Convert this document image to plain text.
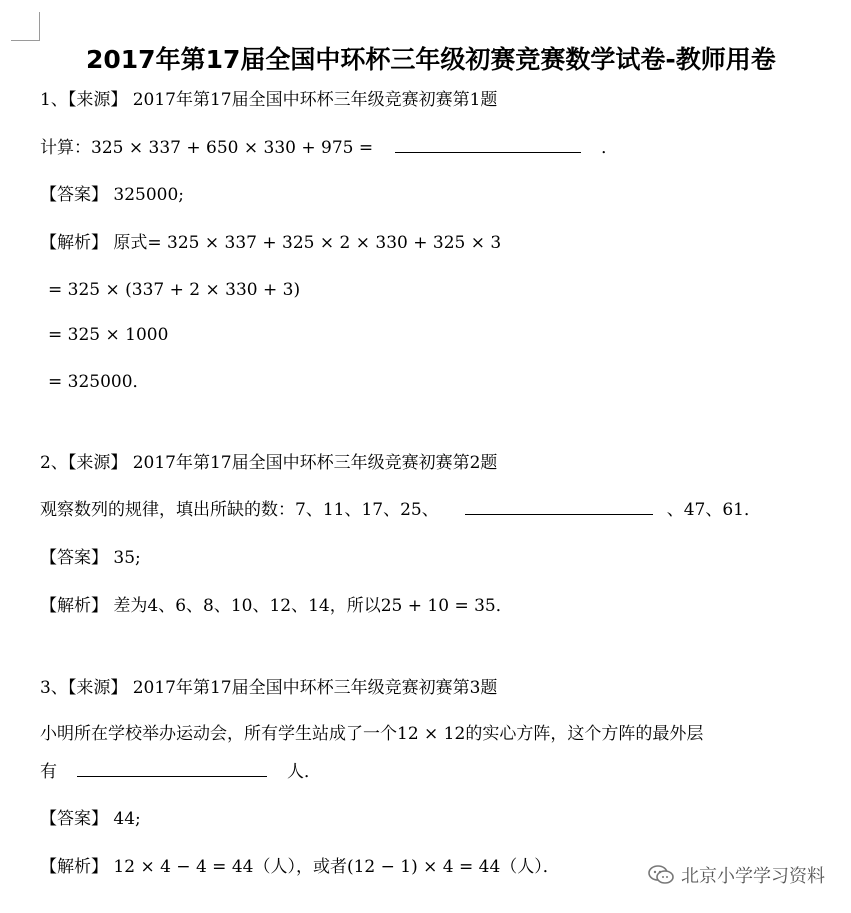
2017年第17届全国中环杯三年级初赛竞赛数学试卷-教师用卷
1、【来源】 2017年第17届全国中环杯三年级竞赛初赛第1题
计算：325 × 337 + 650 × 330 + 975 =	．
【答案】 325000;
【解析】 原式= 325 × 337 + 325 × 2 × 330 + 325 × 3
= 325 × (337 + 2 × 330 + 3)
= 325 × 1000
= 325000．
2、【来源】 2017年第17届全国中环杯三年级竞赛初赛第2题
观察数列的规律，填出所缺的数：7、11、17、25、	、47、61．
【答案】 35;
【解析】 差为4、6、8、10、12、14，所以25 + 10 = 35．
3、【来源】 2017年第17届全国中环杯三年级竞赛初赛第3题
小明所在学校举办运动会，所有学生站成了一个12 × 12的实心方阵，这个方阵的最外层
有	人．
【答案】 44;
【解析】 12 × 4 − 4 = 44（人），或者(12 − 1) × 4 = 44（人）．	北京小学学习资料
